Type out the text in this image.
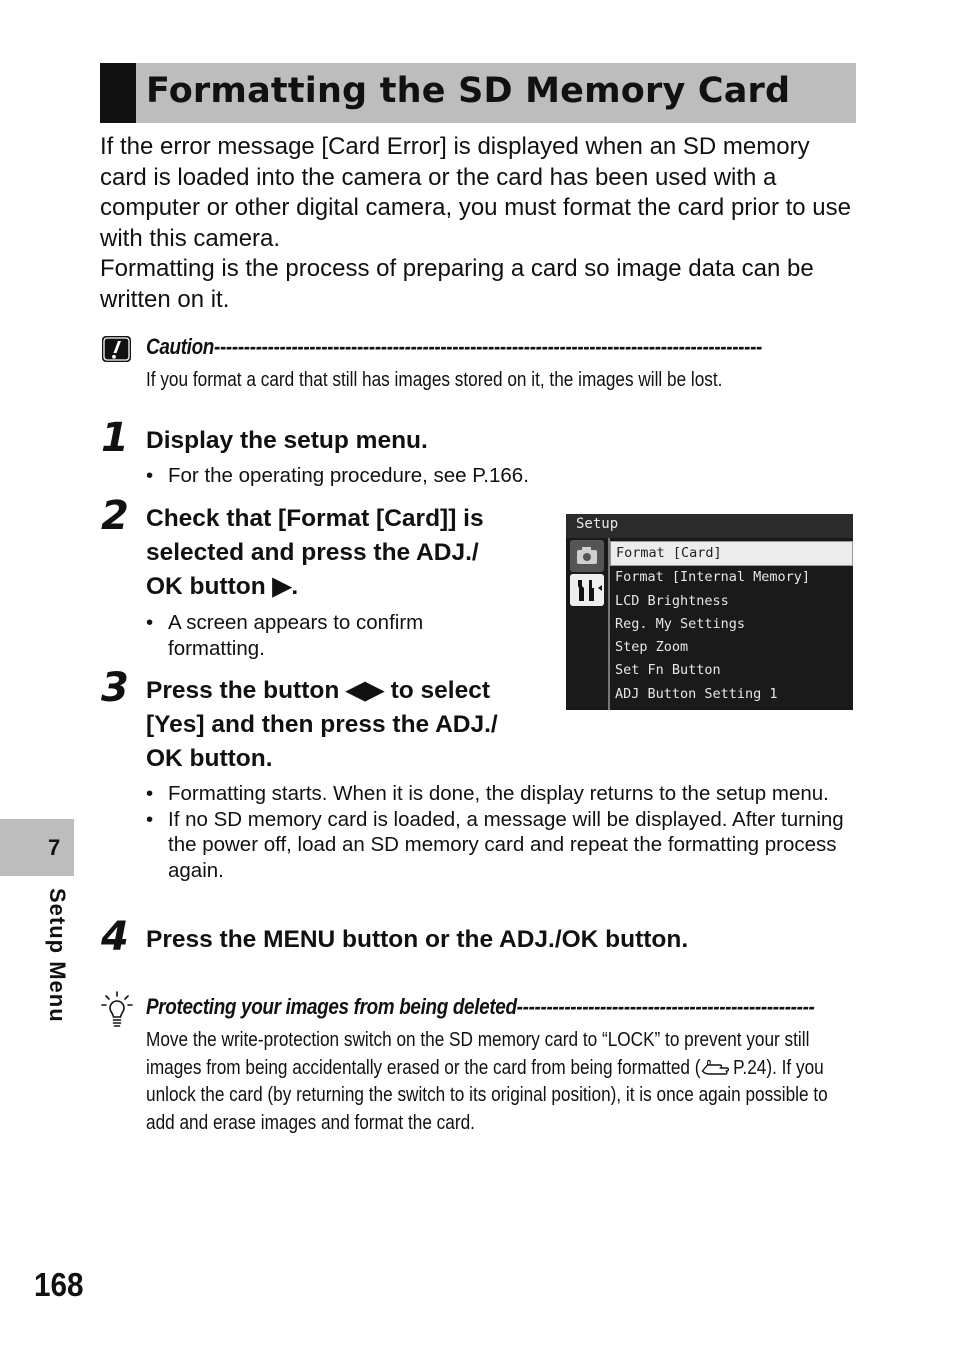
Formatting the SD Memory Card

If the error message [Card Error] is displayed when an SD memory card is loaded into the camera or the card has been used with a computer or other digital camera, you must format the card prior to use with this camera.

Formatting is the process of preparing a card so image data can be written on it.

Caution--------------------------------------------------------------------------------------------
If you format a card that still has images stored on it, the images will be lost.
1 Display the setup menu.
• For the operating procedure, see P.166.
2 Check that [Format [Card]] is
selected and press the ADJ./
OK button ▶.
• A screen appears to confirm formatting.
Setup
Format [Card]
Format [Internal Memory]
LCD Brightness
Reg. My Settings
Step Zoom
Set Fn Button
ADJ Button Setting 1
3 Press the button ◀▶ to select
[Yes] and then press the ADJ./
OK button.
• Formatting starts. When it is done, the display returns to the setup menu.
• If no SD memory card is loaded, a message will be displayed. After turning the power off, load an SD memory card and repeat the formatting process again.
4 Press the MENU button or the ADJ./OK button.
7
Setup Menu	Protecting your images from being deleted--------------------------------------------------
Move the write-protection switch on the SD memory card to “LOCK” to prevent your still images from being accidentally erased or the card from being formatted ( P.24). If you unlock the card (by returning the switch to its original position), it is once again possible to add and erase images and format the card.
168
